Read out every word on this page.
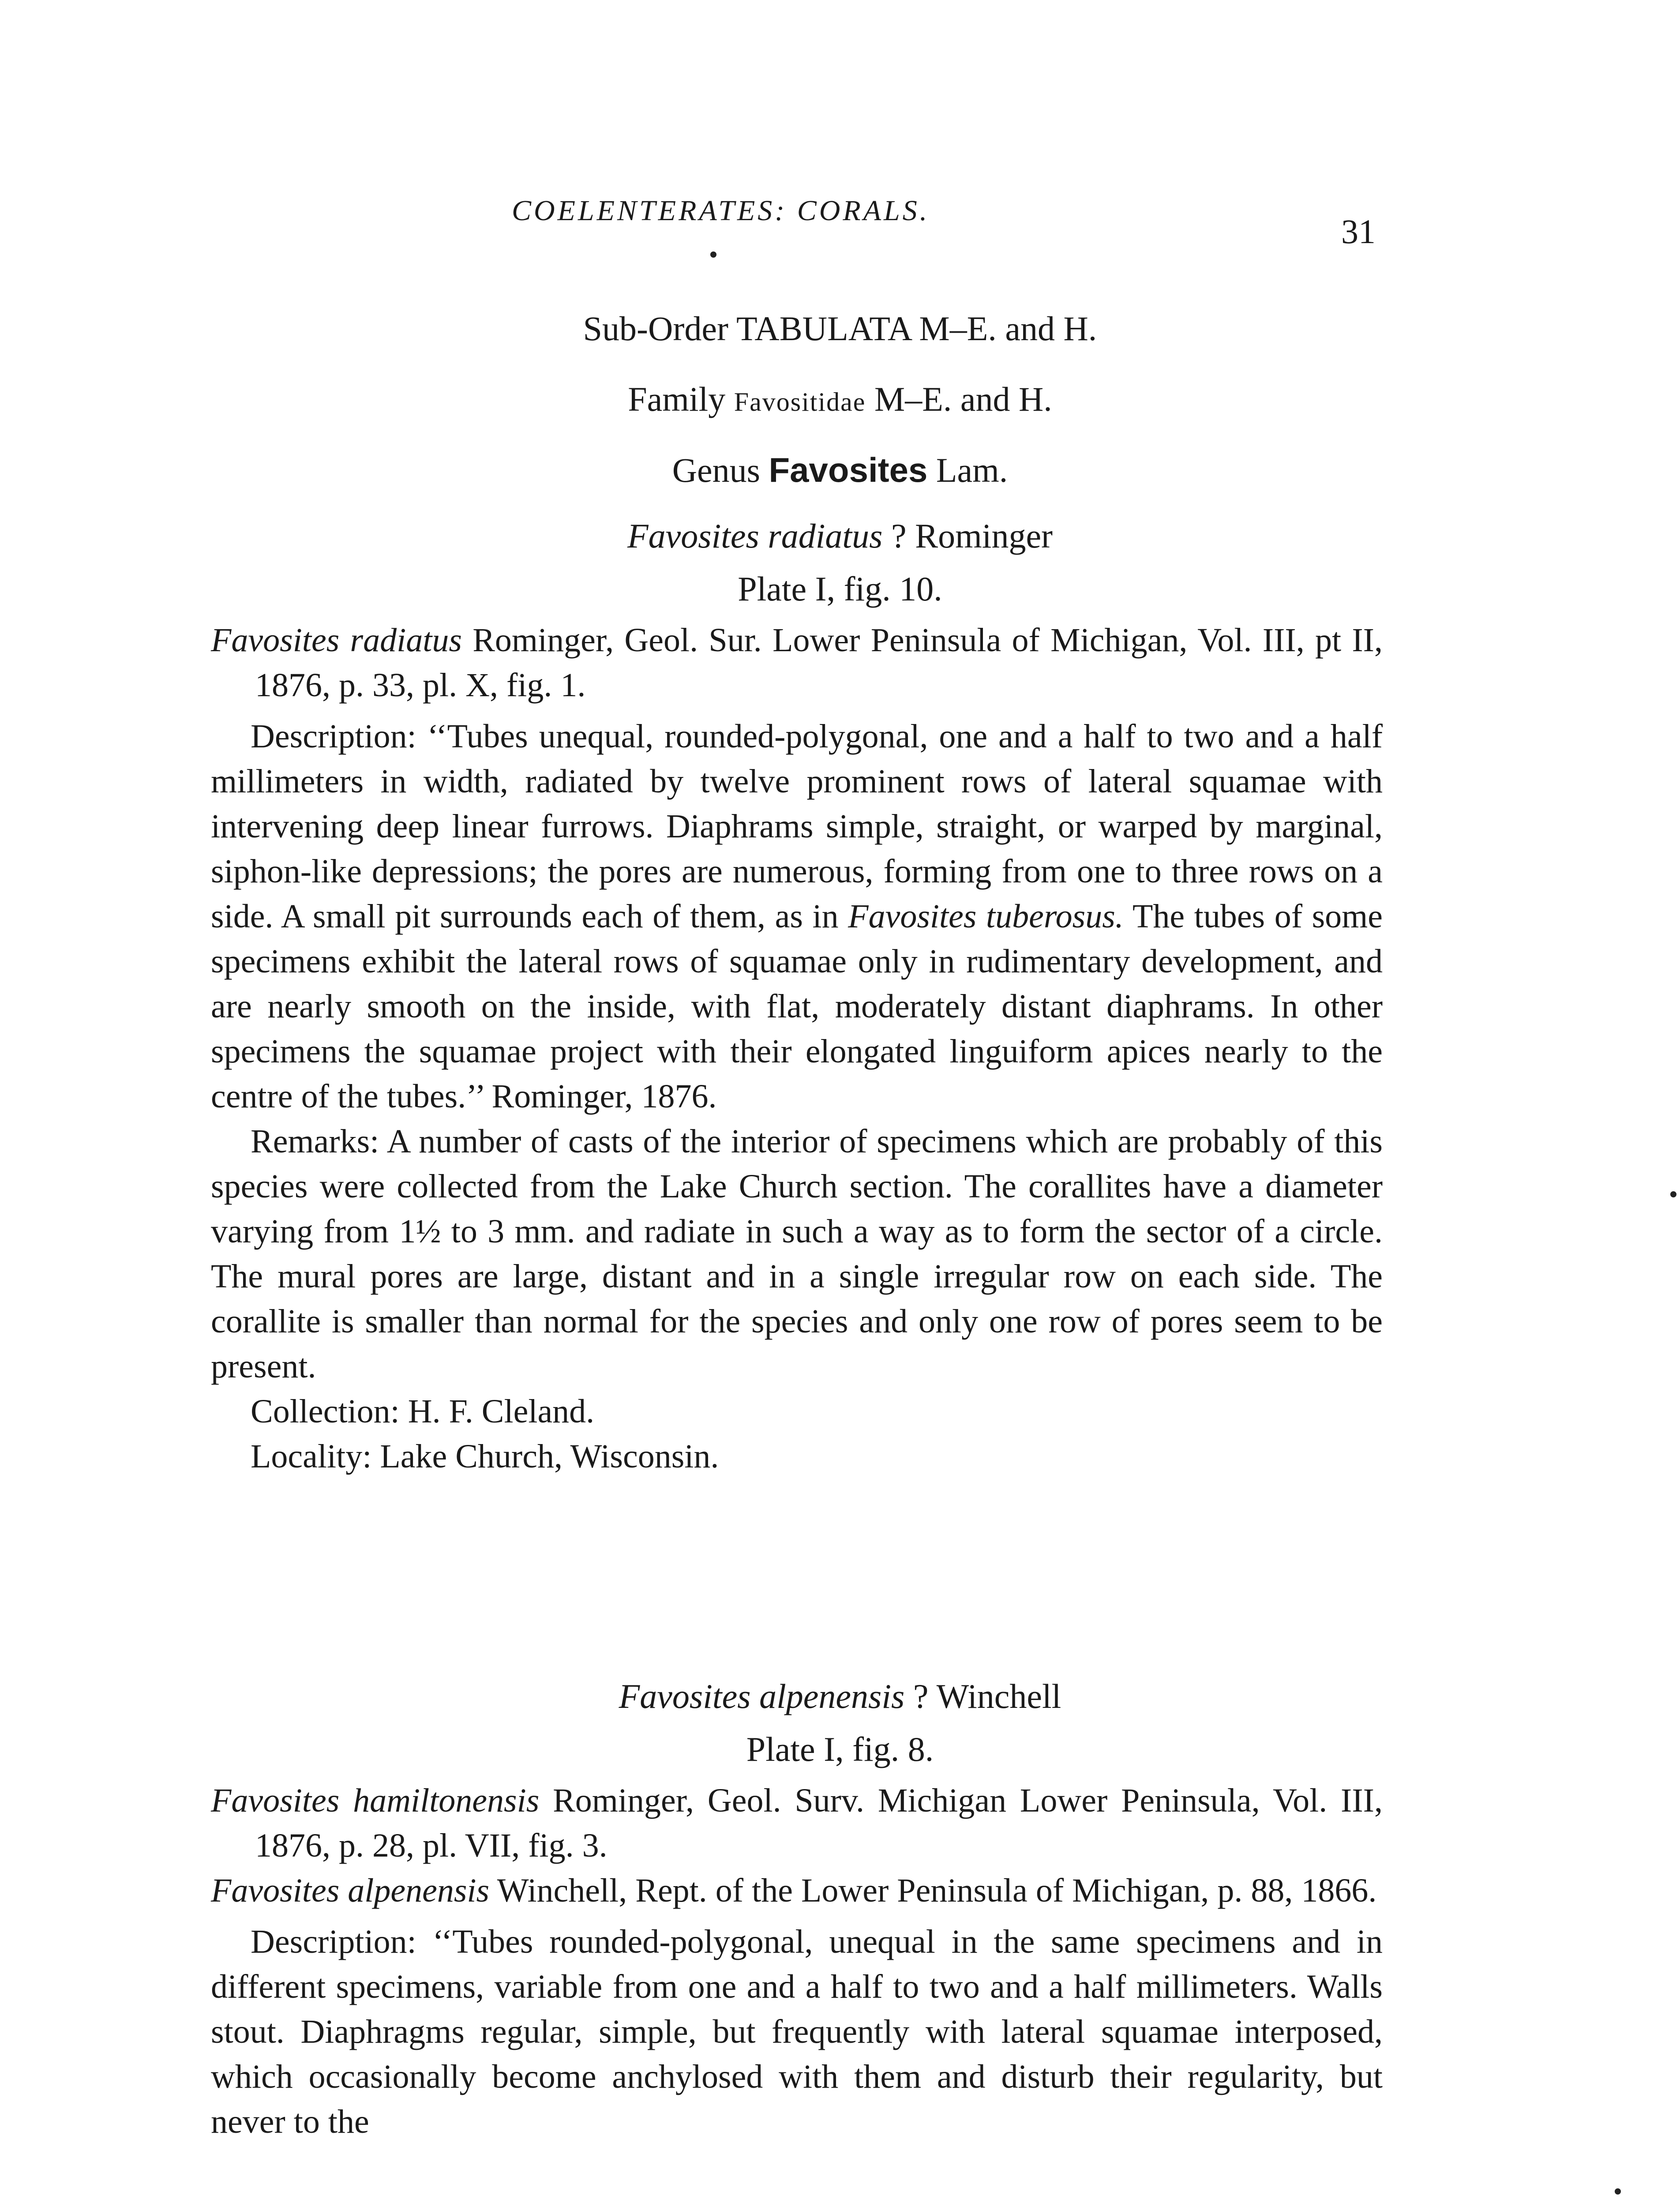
COELENTERATES: CORALS.
31
Sub-Order TABULATA M–E. and H.
Family Favositidae M–E. and H.
Genus Favosites Lam.
Favosites radiatus ? Rominger
Plate I, fig. 10.

Favosites radiatus Rominger, Geol. Sur. Lower Peninsula of Michigan, Vol. III, pt II, 1876, p. 33, pl. X, fig. 1.

Description: ‘‘Tubes unequal, rounded-polygonal, one and a half to two and a half millimeters in width, radiated by twelve prominent rows of lateral squamae with intervening deep linear furrows. Diaphrams simple, straight, or warped by marginal, siphon-like depressions; the pores are numerous, forming from one to three rows on a side. A small pit surrounds each of them, as in Favosites tuberosus. The tubes of some specimens exhibit the lateral rows of squamae only in rudimentary development, and are nearly smooth on the inside, with flat, moderately distant diaphrams. In other specimens the squamae project with their elongated linguiform apices nearly to the centre of the tubes.’’ Rominger, 1876.

Remarks: A number of casts of the interior of specimens which are probably of this species were collected from the Lake Church section. The corallites have a diameter varying from 1½ to 3 mm. and radiate in such a way as to form the sector of a circle. The mural pores are large, distant and in a single irregular row on each side. The corallite is smaller than normal for the species and only one row of pores seem to be present.

Collection: H. F. Cleland.

Locality: Lake Church, Wisconsin.

Favosites alpenensis ? Winchell
Plate I, fig. 8.

Favosites hamiltonensis Rominger, Geol. Surv. Michigan Lower Peninsula, Vol. III, 1876, p. 28, pl. VII, fig. 3.

Favosites alpenensis Winchell, Rept. of the Lower Peninsula of Michigan, p. 88, 1866.

Description: ‘‘Tubes rounded-polygonal, unequal in the same specimens and in different specimens, variable from one and a half to two and a half millimeters. Walls stout. Diaphragms regular, simple, but frequently with lateral squamae interposed, which occasionally become anchylosed with them and disturb their regularity, but never to the
